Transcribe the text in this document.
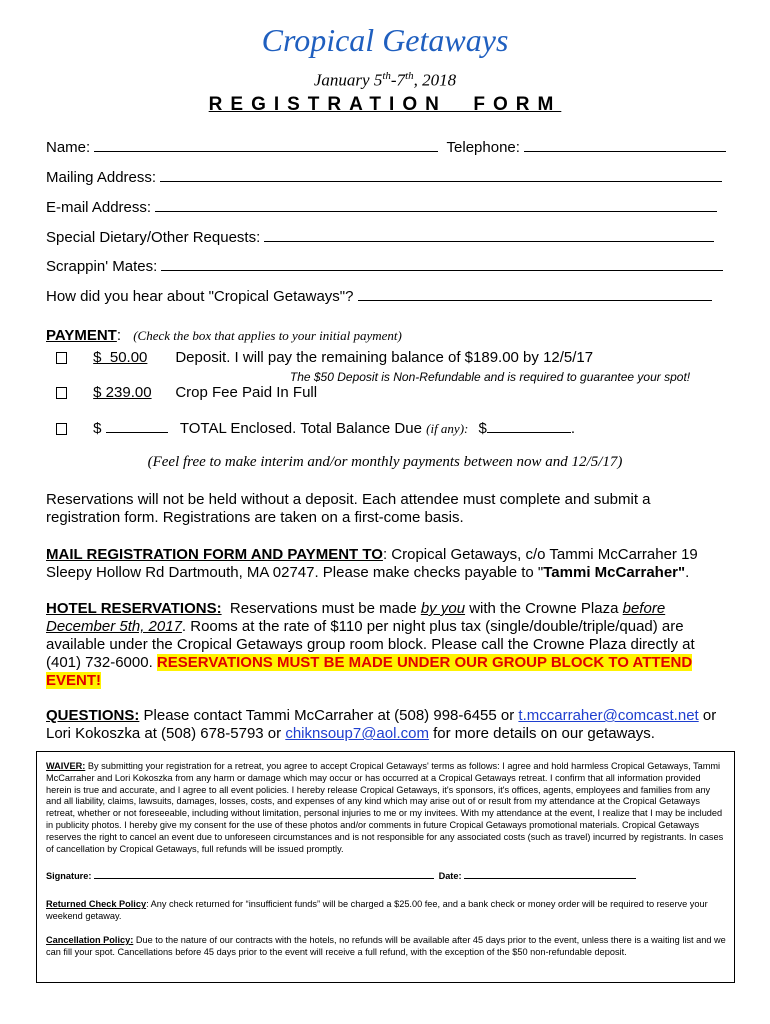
Cropical Getaways
January 5th-7th, 2018
REGISTRATION  FORM
Name:	Telephone:
Mailing Address:
E-mail Address:
Special Dietary/Other Requests:
Scrappin' Mates:
How did you hear about "Cropical Getaways"?
PAYMENT: (Check the box that applies to your initial payment)
$  50.00 Deposit. I will pay the remaining balance of $189.00 by 12/5/17
The $50 Deposit is Non-Refundable and is required to guarantee your spot!
$ 239.00 Crop Fee Paid In Full
$	TOTAL Enclosed. Total Balance Due (if any): $	.
(Feel free to make interim and/or monthly payments between now and 12/5/17)
Reservations will not be held without a deposit. Each attendee must complete and submit a registration form. Registrations are taken on a first-come basis.
MAIL REGISTRATION FORM AND PAYMENT TO: Cropical Getaways, c/o Tammi McCarraher 19 Sleepy Hollow Rd Dartmouth, MA 02747. Please make checks payable to "Tammi McCarraher".
HOTEL RESERVATIONS:  Reservations must be made by you with the Crowne Plaza before December 5th, 2017. Rooms at the rate of $110 per night plus tax (single/double/triple/quad) are available under the Cropical Getaways group room block. Please call the Crowne Plaza directly at (401) 732-6000. RESERVATIONS MUST BE MADE UNDER OUR GROUP BLOCK TO ATTEND EVENT!
QUESTIONS: Please contact Tammi McCarraher at (508) 998-6455 or t.mccarraher@comcast.net or Lori Kokoszka at (508) 678-5793 or chiknsoup7@aol.com for more details on our getaways.

WAIVER: By submitting your registration for a retreat, you agree to accept Cropical Getaways' terms as follows: I agree and hold harmless Cropical Getaways, Tammi McCarraher and Lori Kokoszka from any harm or damage which may occur or has occurred at a Cropical Getaways retreat. I confirm that all information provided herein is true and accurate, and I agree to all event policies. I hereby release Cropical Getaways, it's sponsors, it's offices, agents, employees and families from any and all liability, claims, lawsuits, damages, losses, costs, and expenses of any kind which may arise out of or result from my attendance at the Cropical Getaways retreat, whether or not foreseeable, including without limitation, personal injuries to me or my invitees. With my attendance at the event, I realize that I may be included in publicity photos. I hereby give my consent for the use of these photos and/or comments in future Cropical Getaways promotional materials. Cropical Getaways reserves the right to cancel an event due to unforeseen circumstances and is not responsible for any associated costs (such as travel) incurred by registrants. In cases of cancellation by Cropical Getaways, full refunds will be issued promptly.

Signature:	Date:

Returned Check Policy: Any check returned for “insufficient funds” will be charged a $25.00 fee, and a bank check or money order will be required to reserve your weekend getaway.

Cancellation Policy: Due to the nature of our contracts with the hotels, no refunds will be available after 45 days prior to the event, unless there is a waiting list and we can fill your spot. Cancellations before 45 days prior to the event will receive a full refund, with the exception of the $50 non-refundable deposit.
